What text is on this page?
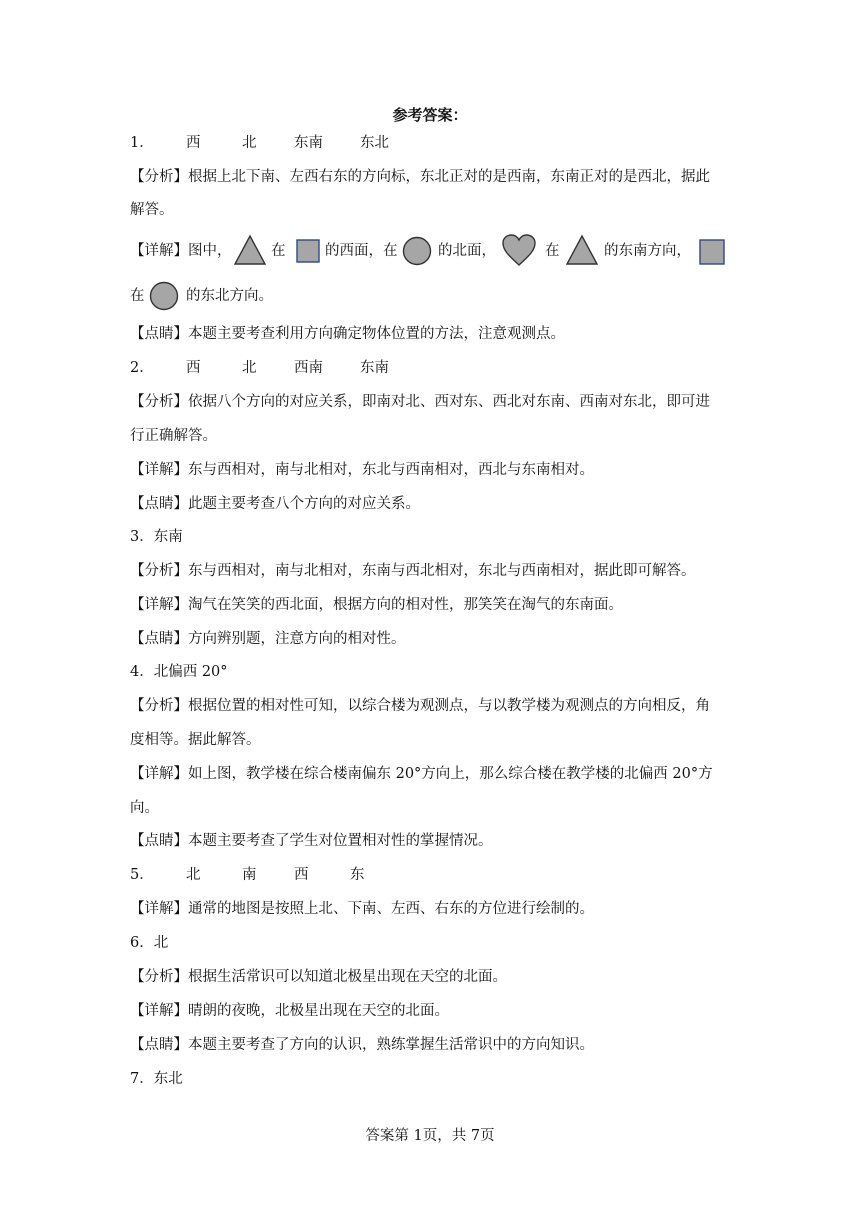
参考答案：
1． 西	北	东南	东北
【分析】根据上北下南、左西右东的方向标，东北正对的是西南，东南正对的是西北，据此
解答。
【详解】图中，	在	的西面，在	的北面，	在	的东南方向，
在	的东北方向。
【点睛】本题主要考查利用方向确定物体位置的方法，注意观测点。
2． 西	北	西南	东南
【分析】依据八个方向的对应关系，即南对北、西对东、西北对东南、西南对东北，即可进
行正确解答。
【详解】东与西相对，南与北相对，东北与西南相对，西北与东南相对。
【点睛】此题主要考查八个方向的对应关系。
3．东南
【分析】东与西相对，南与北相对，东南与西北相对，东北与西南相对，据此即可解答。
【详解】淘气在笑笑的西北面，根据方向的相对性，那笑笑在淘气的东南面。
【点睛】方向辨别题，注意方向的相对性。
4．北偏西 20°
【分析】根据位置的相对性可知，以综合楼为观测点，与以教学楼为观测点的方向相反，角
度相等。据此解答。
【详解】如上图，教学楼在综合楼南偏东 20°方向上，那么综合楼在教学楼的北偏西 20°方
向。
【点睛】本题主要考查了学生对位置相对性的掌握情况。
5． 北	南	西	东
【详解】通常的地图是按照上北、下南、左西、右东的方位进行绘制的。
6．北
【分析】根据生活常识可以知道北极星出现在天空的北面。
【详解】晴朗的夜晚，北极星出现在天空的北面。
【点睛】本题主要考查了方向的认识，熟练掌握生活常识中的方向知识。
7．东北
答案第 1页，共 7页
